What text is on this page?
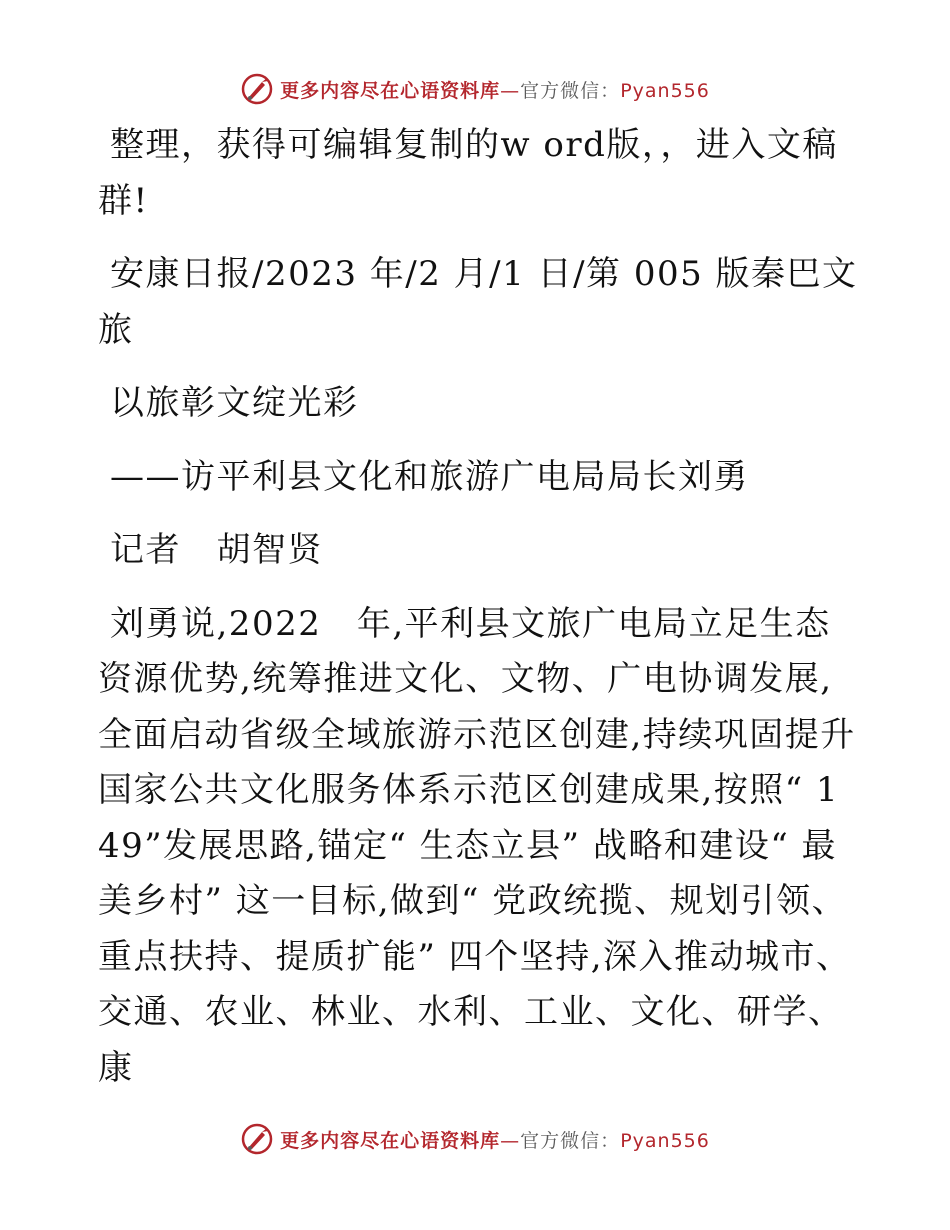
更多内容尽在心语资料库—官方微信：Pyan556

整理，获得可编辑复制的w ord版，，进入文稿群!

安康日报/2023 年/2 月/1 日/第 005 版秦巴文旅

以旅彰文绽光彩

——访平利县文化和旅游广电局局长刘勇

记者　胡智贤

刘勇说,2022　年,平利县文旅广电局立足生态资源优势,统筹推进文化、文物、广电协调发展,全面启动省级全域旅游示范区创建,持续巩固提升国家公共文化服务体系示范区创建成果,按照“ 149”发展思路,锚定“ 生态立县” 战略和建设“ 最美乡村” 这一目标,做到“ 党政统揽、规划引领、重点扶持、提质扩能” 四个坚持,深入推动城市、交通、农业、林业、水利、工业、文化、研学、康

更多内容尽在心语资料库—官方微信：Pyan556
